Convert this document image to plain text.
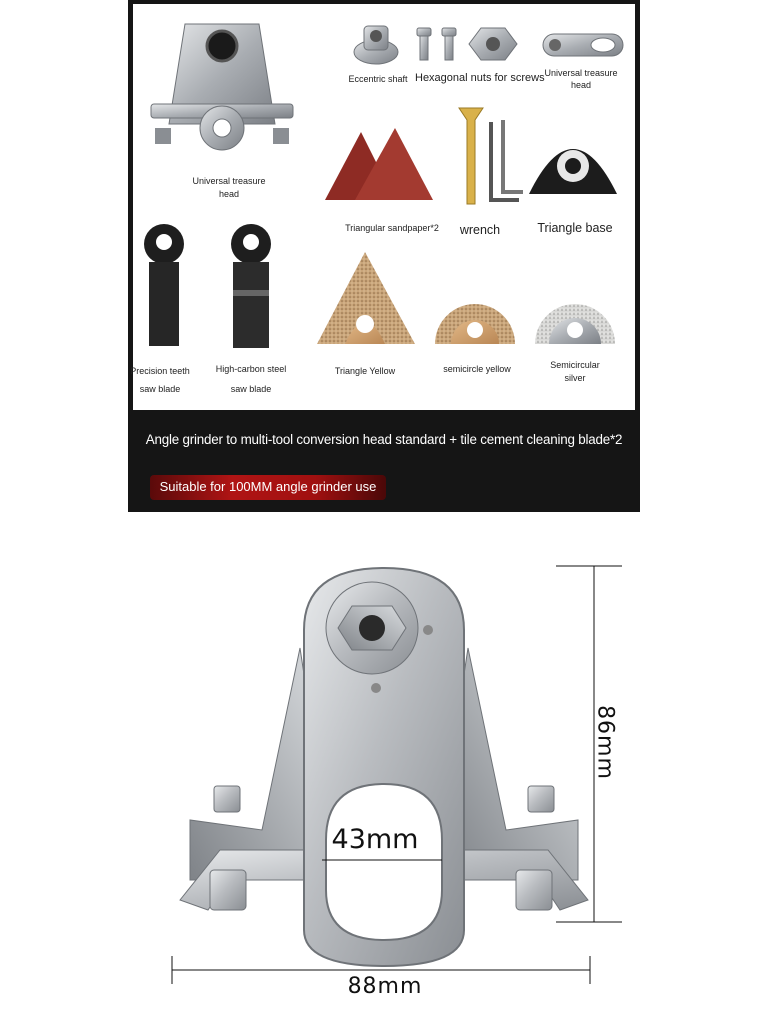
Eccentric shaft Hexagonal nuts for screws Universal treasure
head
Universal treasure
head
Triangular sandpaper*2	wrench	Triangle base
Precision teeth
saw blade
High-carbon steel
saw blade
Triangle Yellow	semicircle yellow	Semicircular
silver
Angle grinder to multi-tool conversion head standard + tile cement cleaning blade*2
Suitable for 100MM angle grinder use
43mm
88mm
86mm
